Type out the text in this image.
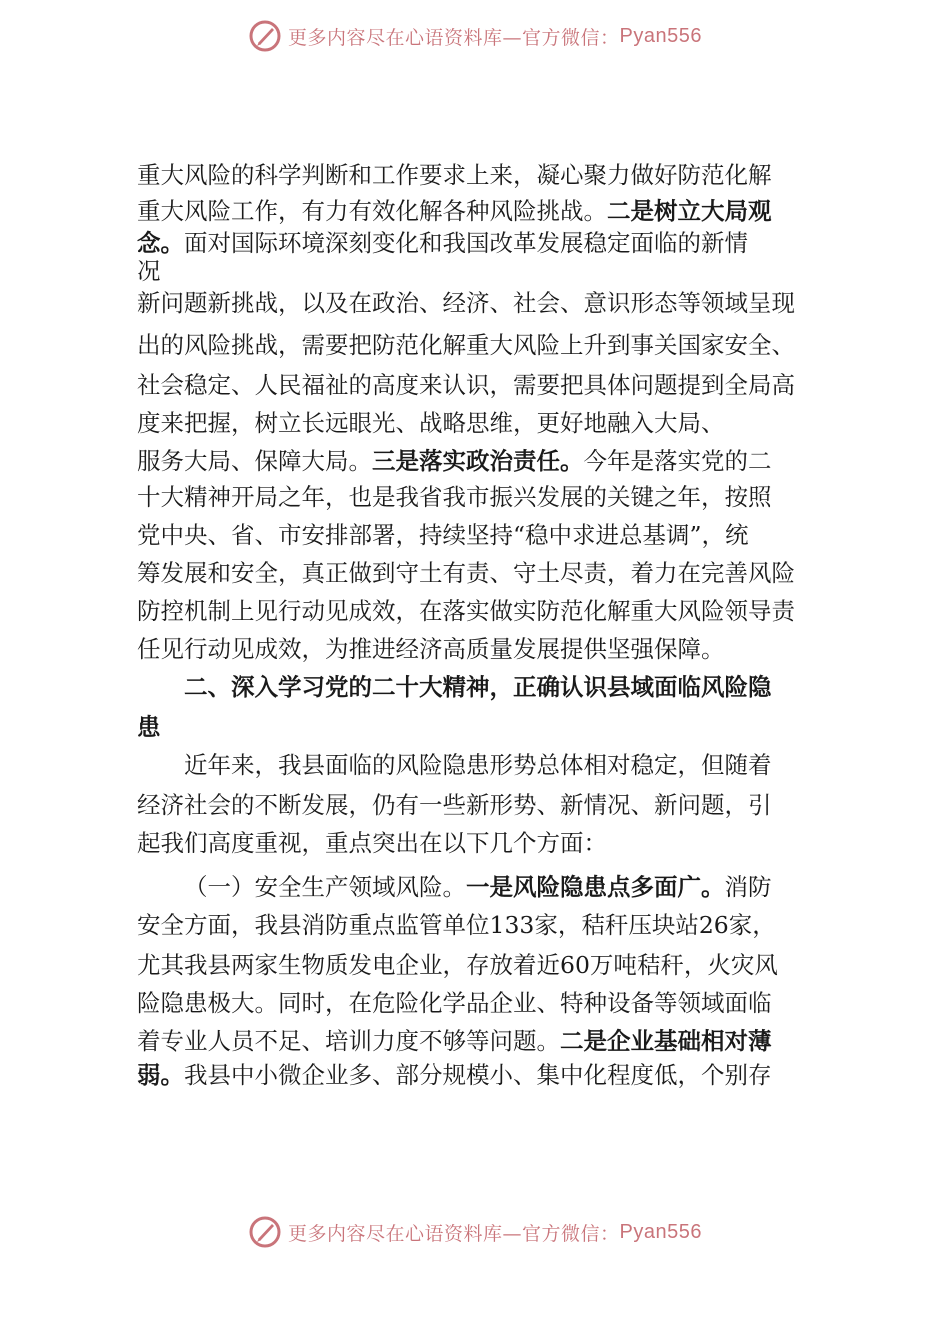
更多内容尽在心语资料库—官方微信： Pyan556
重大风险的科学判断和工作要求上来，凝心聚力做好防范化解
重大风险工作，有力有效化解各种风险挑战。二是树立大局观
念。面对国际环境深刻变化和我国改革发展稳定面临的新情
况
新问题新挑战，以及在政治、经济、社会、意识形态等领域呈现
出的风险挑战，需要把防范化解重大风险上升到事关国家安全、
社会稳定、人民福祉的高度来认识，需要把具体问题提到全局高
度来把握，树立长远眼光、战略思维，更好地融入大局、
服务大局、保障大局。三是落实政治责任。今年是落实党的二
十大精神开局之年，也是我省我市振兴发展的关键之年，按照
党中央、省、市安排部署，持续坚持“稳中求进总基调”，统
筹发展和安全，真正做到守土有责、守土尽责，着力在完善风险
防控机制上见行动见成效，在落实做实防范化解重大风险领导责
任见行动见成效，为推进经济高质量发展提供坚强保障。
二、深入学习党的二十大精神，正确认识县域面临风险隐
患
近年来，我县面临的风险隐患形势总体相对稳定，但随着
经济社会的不断发展，仍有一些新形势、新情况、新问题，引
起我们高度重视，重点突出在以下几个方面：
（一）安全生产领域风险。一是风险隐患点多面广。消防
安全方面，我县消防重点监管单位133家，秸秆压块站26家，
尤其我县两家生物质发电企业，存放着近60万吨秸秆，火灾风
险隐患极大。同时，在危险化学品企业、特种设备等领域面临
着专业人员不足、培训力度不够等问题。二是企业基础相对薄
弱。我县中小微企业多、部分规模小、集中化程度低，个别存
更多内容尽在心语资料库—官方微信： Pyan556
